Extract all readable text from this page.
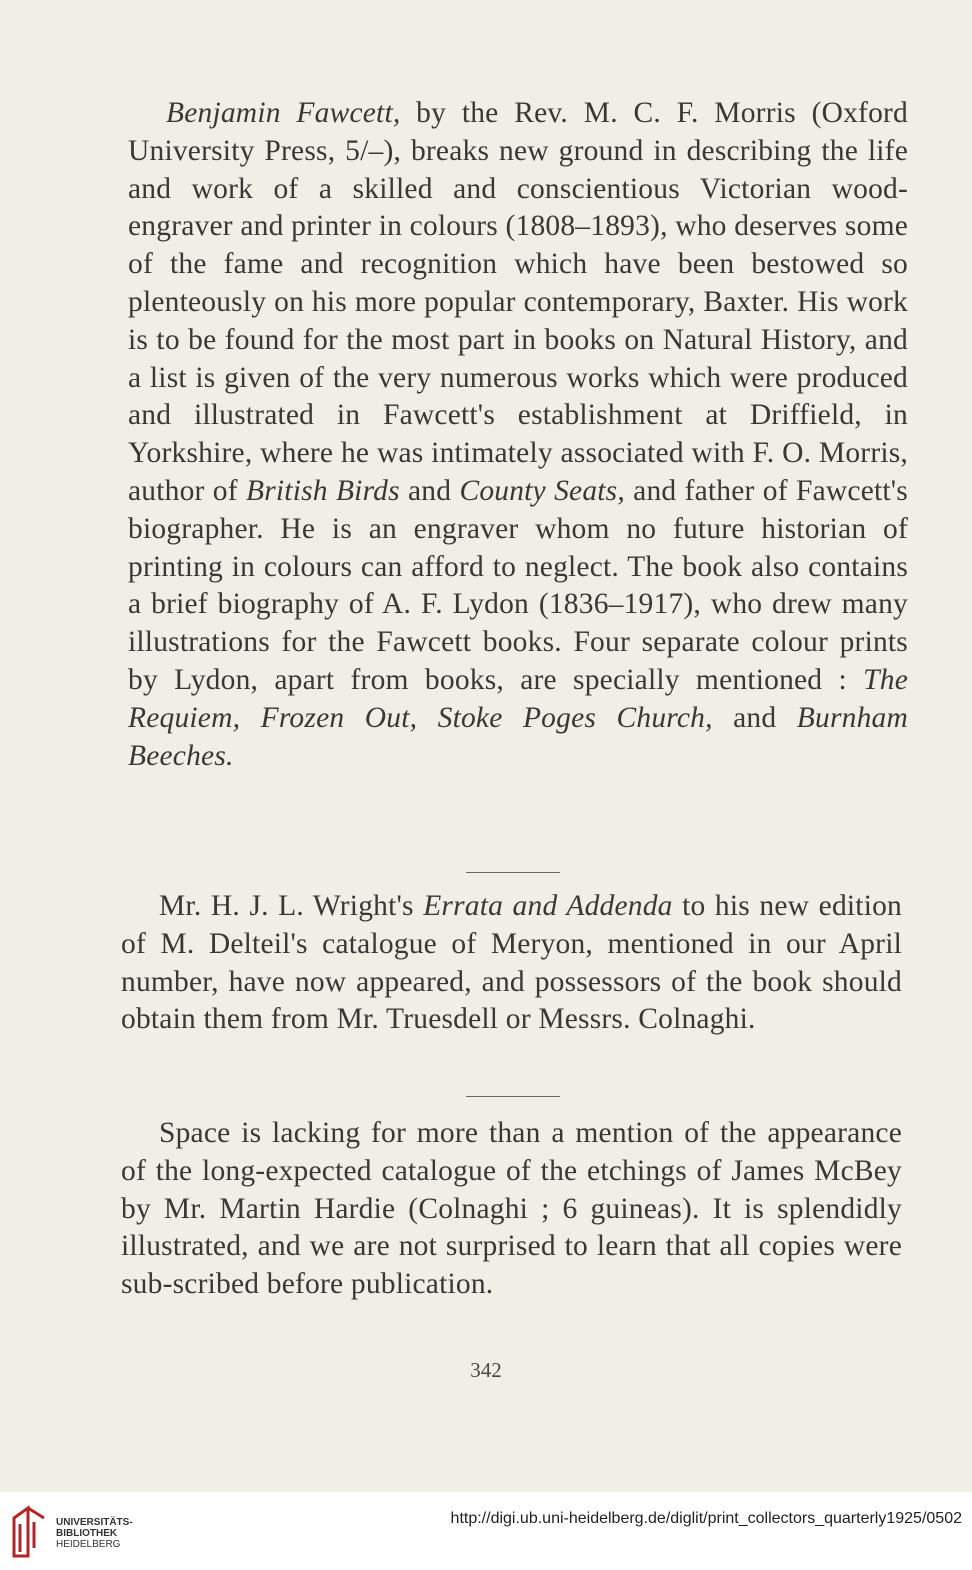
Benjamin Fawcett, by the Rev. M. C. F. Morris (Oxford University Press, 5/–), breaks new ground in describing the life and work of a skilled and conscientious Victorian wood-engraver and printer in colours (1808–1893), who deserves some of the fame and recognition which have been bestowed so plenteously on his more popular contemporary, Baxter. His work is to be found for the most part in books on Natural History, and a list is given of the very numerous works which were produced and illustrated in Fawcett's establishment at Driffield, in Yorkshire, where he was intimately associated with F. O. Morris, author of British Birds and County Seats, and father of Fawcett's biographer. He is an engraver whom no future historian of printing in colours can afford to neglect. The book also contains a brief biography of A. F. Lydon (1836–1917), who drew many illustrations for the Fawcett books. Four separate colour prints by Lydon, apart from books, are specially mentioned : The Requiem, Frozen Out, Stoke Poges Church, and Burnham Beeches.

Mr. H. J. L. Wright's Errata and Addenda to his new edition of M. Delteil's catalogue of Meryon, mentioned in our April number, have now appeared, and possessors of the book should obtain them from Mr. Truesdell or Messrs. Colnaghi.

Space is lacking for more than a mention of the appearance of the long-expected catalogue of the etchings of James McBey by Mr. Martin Hardie (Colnaghi ; 6 guineas). It is splendidly illustrated, and we are not surprised to learn that all copies were sub-scribed before publication.

342
UNIVERSITÄTS-
BIBLIOTHEK
HEIDELBERG
http://digi.ub.uni-heidelberg.de/diglit/print_collectors_quarterly1925/0502
